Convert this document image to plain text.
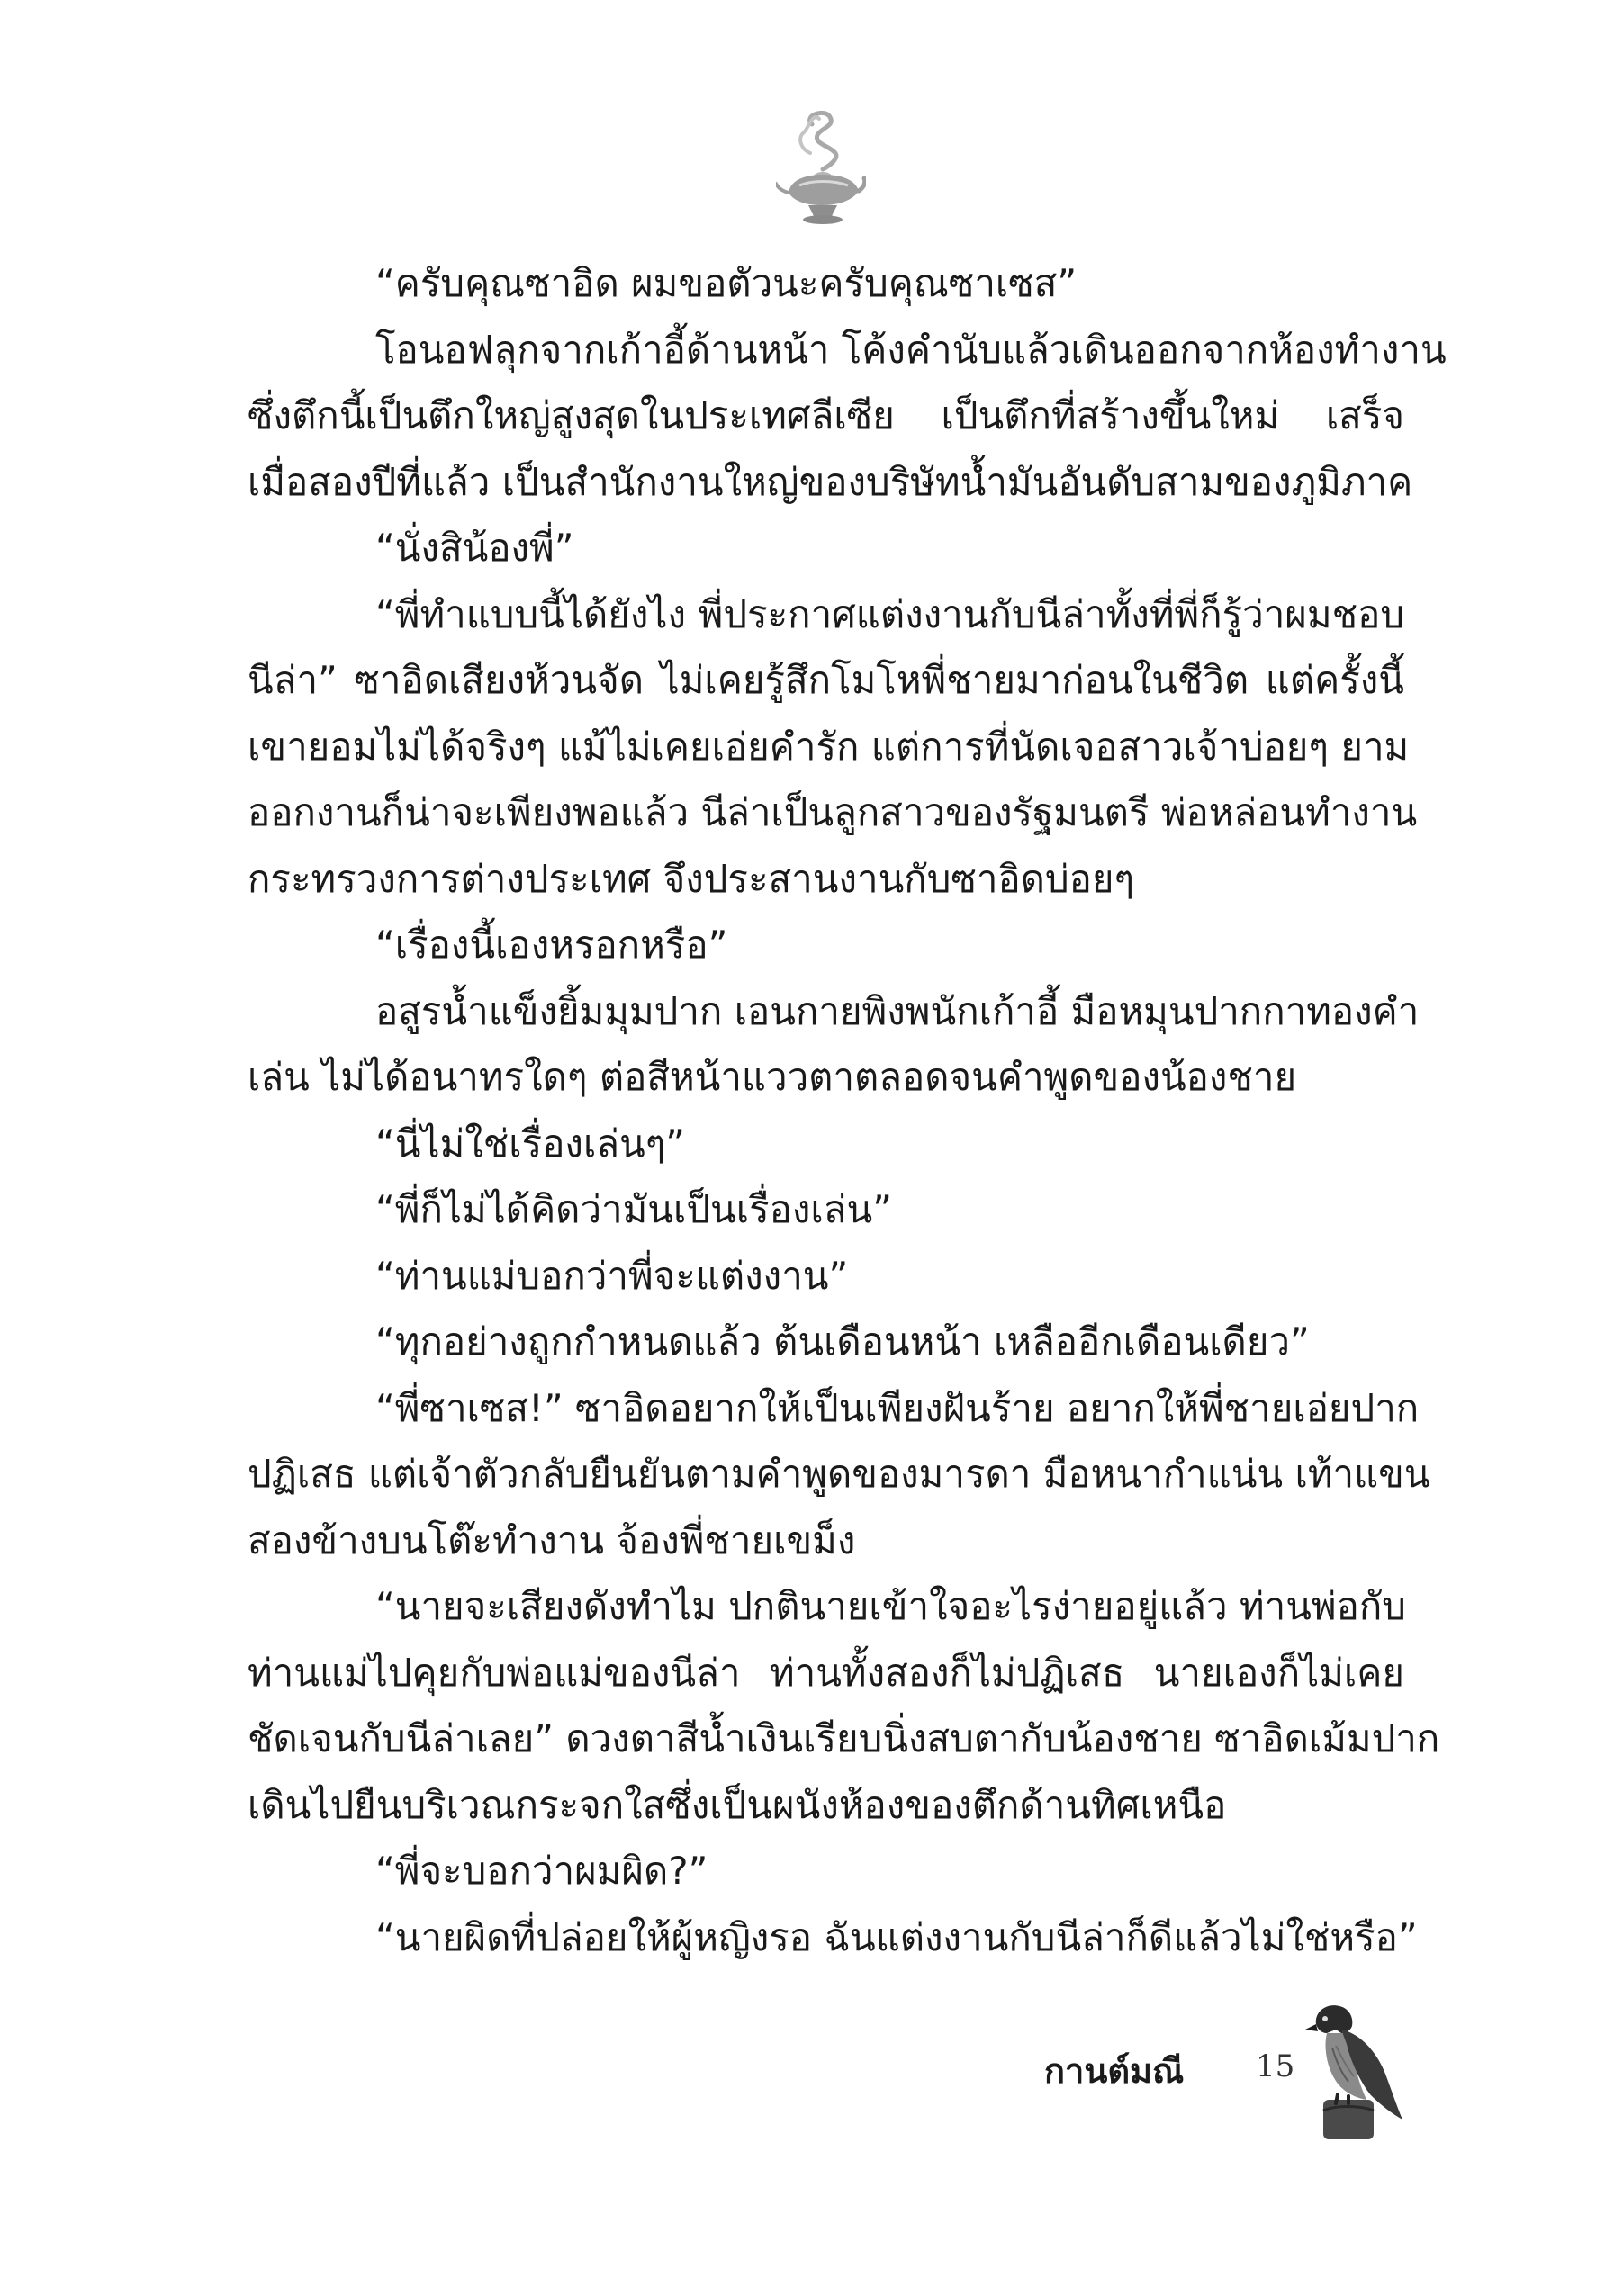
“ครับคุณซาอิด ผมขอตัวนะครับคุณซาเซส”
โอนอฟลุกจากเก้าอี้ด้านหน้า โค้งคำนับแล้วเดินออกจากห้องทำงาน
ซึ่งตึกนี้เป็นตึกใหญ่สูงสุดในประเทศลีเซีย เป็นตึกที่สร้างขึ้นใหม่ เสร็จ
เมื่อสองปีที่แล้ว เป็นสำนักงานใหญ่ของบริษัทน้ำมันอันดับสามของภูมิภาค
“นั่งสิน้องพี่”
“พี่ทำแบบนี้ได้ยังไง พี่ประกาศแต่งงานกับนีล่าทั้งที่พี่ก็รู้ว่าผมชอบ
นีล่า” ซาอิดเสียงห้วนจัด ไม่เคยรู้สึกโมโหพี่ชายมาก่อนในชีวิต แต่ครั้งนี้
เขายอมไม่ได้จริงๆ แม้ไม่เคยเอ่ยคำรัก แต่การที่นัดเจอสาวเจ้าบ่อยๆ ยาม
ออกงานก็น่าจะเพียงพอแล้ว นีล่าเป็นลูกสาวของรัฐมนตรี พ่อหล่อนทำงาน
กระทรวงการต่างประเทศ จึงประสานงานกับซาอิดบ่อยๆ
“เรื่องนี้เองหรอกหรือ”
อสูรน้ำแข็งยิ้มมุมปาก เอนกายพิงพนักเก้าอี้ มือหมุนปากกาทองคำ
เล่น ไม่ได้อนาทรใดๆ ต่อสีหน้าแววตาตลอดจนคำพูดของน้องชาย
“นี่ไม่ใช่เรื่องเล่นๆ”
“พี่ก็ไม่ได้คิดว่ามันเป็นเรื่องเล่น”
“ท่านแม่บอกว่าพี่จะแต่งงาน”
“ทุกอย่างถูกกำหนดแล้ว ต้นเดือนหน้า เหลืออีกเดือนเดียว”
“พี่ซาเซส!” ซาอิดอยากให้เป็นเพียงฝันร้าย อยากให้พี่ชายเอ่ยปาก
ปฏิเสธ แต่เจ้าตัวกลับยืนยันตามคำพูดของมารดา มือหนากำแน่น เท้าแขน
สองข้างบนโต๊ะทำงาน จ้องพี่ชายเขม็ง
“นายจะเสียงดังทำไม ปกตินายเข้าใจอะไรง่ายอยู่แล้ว ท่านพ่อกับ
ท่านแม่ไปคุยกับพ่อแม่ของนีล่า ท่านทั้งสองก็ไม่ปฏิเสธ นายเองก็ไม่เคย
ชัดเจนกับนีล่าเลย” ดวงตาสีน้ำเงินเรียบนิ่งสบตากับน้องชาย ซาอิดเม้มปาก
เดินไปยืนบริเวณกระจกใสซึ่งเป็นผนังห้องของตึกด้านทิศเหนือ
“พี่จะบอกว่าผมผิด?”
“นายผิดที่ปล่อยให้ผู้หญิงรอ ฉันแต่งงานกับนีล่าก็ดีแล้วไม่ใช่หรือ”
กานต์มณี 15
